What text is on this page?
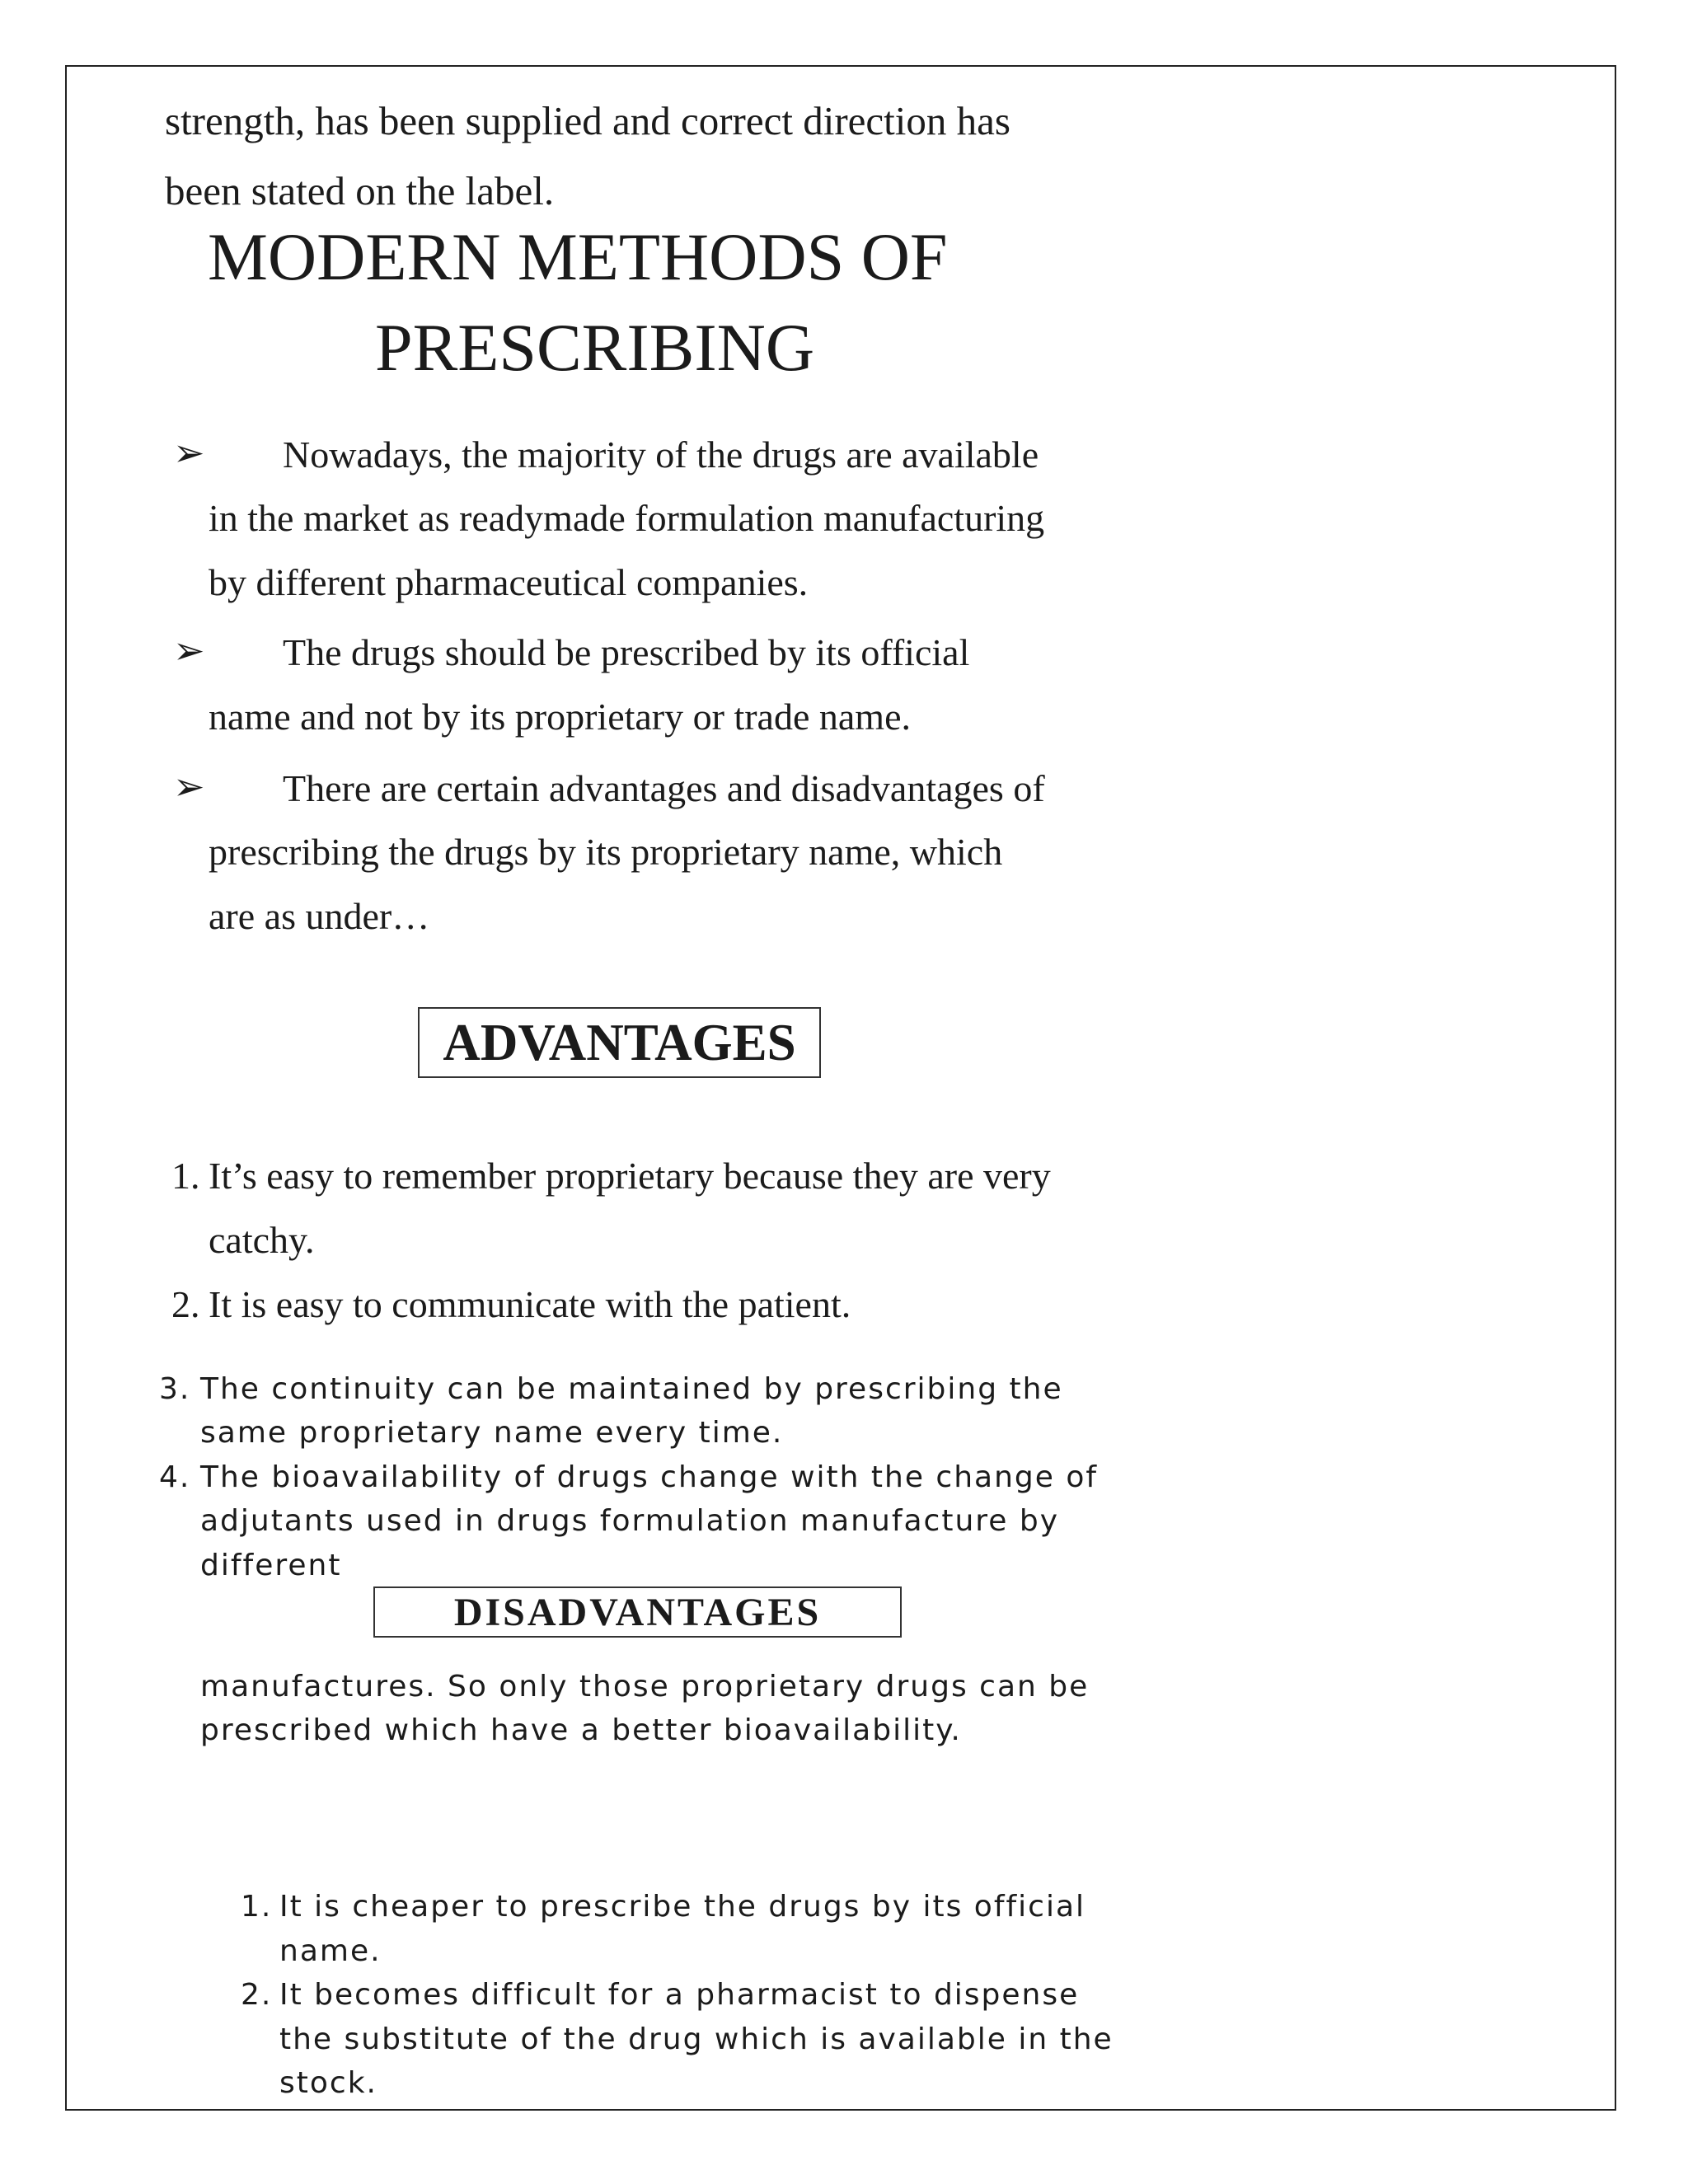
strength, has been supplied and correct direction has
been stated on the label.
MODERN METHODS OF
PRESCRIBING
➢ Nowadays, the majority of the drugs are available
in the market as readymade formulation manufacturing
by different pharmaceutical companies.
➢ The drugs should be prescribed by its official
name and not by its proprietary or trade name.
➢ There are certain advantages and disadvantages of
prescribing the drugs by its proprietary name, which
are as under…
ADVANTAGES
1. It’s easy to remember proprietary because they are very
catchy.
2. It is easy to communicate with the patient.
3. The continuity can be maintained by prescribing the
same proprietary name every time.
4. The bioavailability of drugs change with the change of
adjutants used in drugs formulation manufacture by
different
DISADVANTAGES
manufactures. So only those proprietary drugs can be
prescribed which have a better bioavailability.
1. It is cheaper to prescribe the drugs by its official
name.
2. It becomes difficult for a pharmacist to dispense
the substitute of the drug which is available in the
stock.
